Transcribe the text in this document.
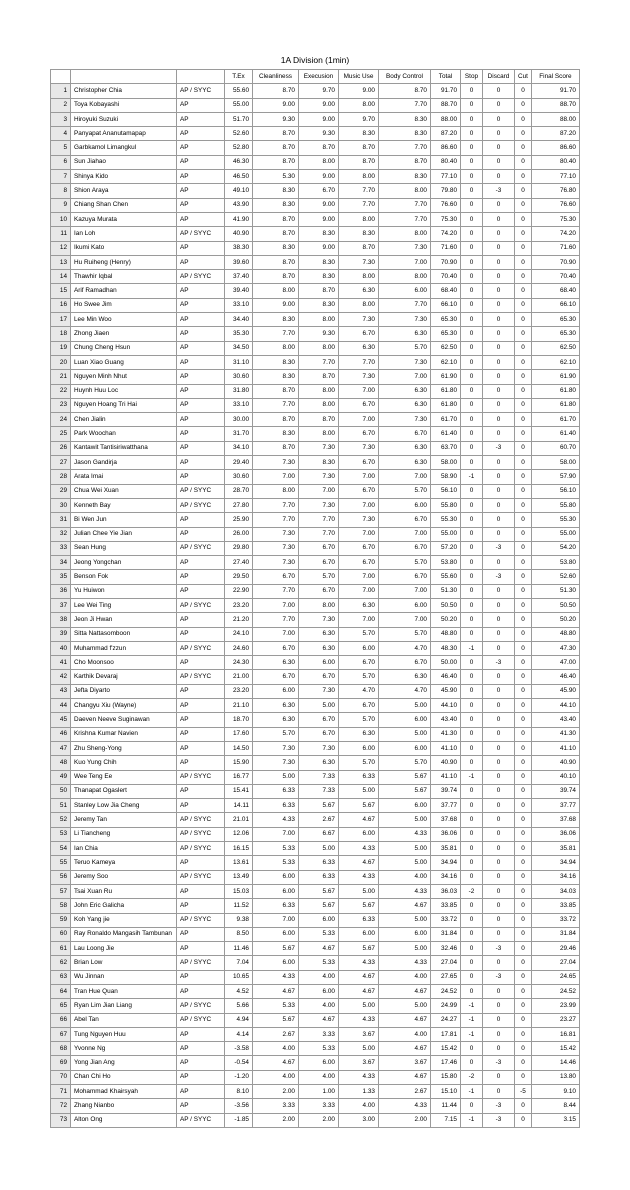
1A Division (1min)
			T.Ex	Cleanliness	Execusion	Music Use	Body Control	Total	Stop	Discard	Cut	Final Score
1	Christopher Chia	AP / SYYC	55.60	8.70	9.70	9.00	8.70	91.70	0	0	0	91.70
2	Toya Kobayashi	AP	55.00	9.00	9.00	8.00	7.70	88.70	0	0	0	88.70
3	Hiroyuki Suzuki	AP	51.70	9.30	9.00	9.70	8.30	88.00	0	0	0	88.00
4	Panyapat Ananutamapap	AP	52.60	8.70	9.30	8.30	8.30	87.20	0	0	0	87.20
5	Garbkamol Limangkul	AP	52.80	8.70	8.70	8.70	7.70	86.60	0	0	0	86.60
6	Sun Jiahao	AP	46.30	8.70	8.00	8.70	8.70	80.40	0	0	0	80.40
7	Shinya Kido	AP	46.50	5.30	9.00	8.00	8.30	77.10	0	0	0	77.10
8	Shion Araya	AP	49.10	8.30	6.70	7.70	8.00	79.80	0	-3	0	76.80
9	Chiang Shan Chen	AP	43.90	8.30	9.00	7.70	7.70	76.60	0	0	0	76.60
10	Kazuya Murata	AP	41.90	8.70	9.00	8.00	7.70	75.30	0	0	0	75.30
11	Ian Loh	AP / SYYC	40.90	8.70	8.30	8.30	8.00	74.20	0	0	0	74.20
12	Ikumi Kato	AP	38.30	8.30	9.00	8.70	7.30	71.60	0	0	0	71.60
13	Hu Ruiheng (Henry)	AP	39.60	8.70	8.30	7.30	7.00	70.90	0	0	0	70.90
14	Thawhir Iqbal	AP / SYYC	37.40	8.70	8.30	8.00	8.00	70.40	0	0	0	70.40
15	Arif Ramadhan	AP	39.40	8.00	8.70	6.30	6.00	68.40	0	0	0	68.40
16	Ho Swee Jim	AP	33.10	9.00	8.30	8.00	7.70	66.10	0	0	0	66.10
17	Lee Min Woo	AP	34.40	8.30	8.00	7.30	7.30	65.30	0	0	0	65.30
18	Zhong Jiaen	AP	35.30	7.70	9.30	6.70	6.30	65.30	0	0	0	65.30
19	Chung Cheng Hsun	AP	34.50	8.00	8.00	6.30	5.70	62.50	0	0	0	62.50
20	Luan Xiao Guang	AP	31.10	8.30	7.70	7.70	7.30	62.10	0	0	0	62.10
21	Nguyen Minh Nhut	AP	30.60	8.30	8.70	7.30	7.00	61.90	0	0	0	61.90
22	Huynh Huu Loc	AP	31.80	8.70	8.00	7.00	6.30	61.80	0	0	0	61.80
23	Nguyen Hoang Tri Hai	AP	33.10	7.70	8.00	6.70	6.30	61.80	0	0	0	61.80
24	Chen Jialin	AP	30.00	8.70	8.70	7.00	7.30	61.70	0	0	0	61.70
25	Park Woochan	AP	31.70	8.30	8.00	6.70	6.70	61.40	0	0	0	61.40
26	Kantawit Tantisiriwatthana	AP	34.10	8.70	7.30	7.30	6.30	63.70	0	-3	0	60.70
27	Jason Gandirja	AP	29.40	7.30	8.30	6.70	6.30	58.00	0	0	0	58.00
28	Arata Imai	AP	30.60	7.00	7.30	7.00	7.00	58.90	-1	0	0	57.90
29	Chua Wei Xuan	AP / SYYC	28.70	8.00	7.00	6.70	5.70	56.10	0	0	0	56.10
30	Kenneth Bay	AP / SYYC	27.80	7.70	7.30	7.00	6.00	55.80	0	0	0	55.80
31	Bi Wen Jun	AP	25.90	7.70	7.70	7.30	6.70	55.30	0	0	0	55.30
32	Julian Chee Yie Jian	AP	26.00	7.30	7.70	7.00	7.00	55.00	0	0	0	55.00
33	Sean Hung	AP / SYYC	29.80	7.30	6.70	6.70	6.70	57.20	0	-3	0	54.20
34	Jeong Yongchan	AP	27.40	7.30	6.70	6.70	5.70	53.80	0	0	0	53.80
35	Benson Fok	AP	29.50	6.70	5.70	7.00	6.70	55.60	0	-3	0	52.60
36	Yu Huiwon	AP	22.90	7.70	6.70	7.00	7.00	51.30	0	0	0	51.30
37	Lee Wei Ting	AP / SYYC	23.20	7.00	8.00	6.30	6.00	50.50	0	0	0	50.50
38	Jeon Ji Hwan	AP	21.20	7.70	7.30	7.00	7.00	50.20	0	0	0	50.20
39	Sitta Nattasomboon	AP	24.10	7.00	6.30	5.70	5.70	48.80	0	0	0	48.80
40	Muhammad f'zzun	AP / SYYC	24.60	6.70	6.30	6.00	4.70	48.30	-1	0	0	47.30
41	Cho Moonsoo	AP	24.30	6.30	6.00	6.70	6.70	50.00	0	-3	0	47.00
42	Karthik Devaraj	AP / SYYC	21.00	6.70	6.70	5.70	6.30	46.40	0	0	0	46.40
43	Jefta Diyarto	AP	23.20	6.00	7.30	4.70	4.70	45.90	0	0	0	45.90
44	Changyu Xiu (Wayne)	AP	21.10	6.30	5.00	6.70	5.00	44.10	0	0	0	44.10
45	Daeven Neeve Suginawan	AP	18.70	6.30	6.70	5.70	6.00	43.40	0	0	0	43.40
46	Krishna Kumar Navien	AP	17.60	5.70	6.70	6.30	5.00	41.30	0	0	0	41.30
47	Zhu Sheng-Yong	AP	14.50	7.30	7.30	6.00	6.00	41.10	0	0	0	41.10
48	Kuo Yung Chih	AP	15.90	7.30	6.30	5.70	5.70	40.90	0	0	0	40.90
49	Wee Teng Ee	AP / SYYC	16.77	5.00	7.33	6.33	5.67	41.10	-1	0	0	40.10
50	Thanapat Ogaslert	AP	15.41	6.33	7.33	5.00	5.67	39.74	0	0	0	39.74
51	Stanley Low Jia Cheng	AP	14.11	6.33	5.67	5.67	6.00	37.77	0	0	0	37.77
52	Jeremy Tan	AP / SYYC	21.01	4.33	2.67	4.67	5.00	37.68	0	0	0	37.68
53	Li Tiancheng	AP / SYYC	12.06	7.00	6.67	6.00	4.33	36.06	0	0	0	36.06
54	Ian Chia	AP / SYYC	16.15	5.33	5.00	4.33	5.00	35.81	0	0	0	35.81
55	Teruo Kameya	AP	13.61	5.33	6.33	4.67	5.00	34.94	0	0	0	34.94
56	Jeremy Soo	AP / SYYC	13.49	6.00	6.33	4.33	4.00	34.16	0	0	0	34.16
57	Tsai Xuan Ru	AP	15.03	6.00	5.67	5.00	4.33	36.03	-2	0	0	34.03
58	John Eric Galicha	AP	11.52	6.33	5.67	5.67	4.67	33.85	0	0	0	33.85
59	Koh Yang jie	AP / SYYC	9.38	7.00	6.00	6.33	5.00	33.72	0	0	0	33.72
60	Ray Ronaldo Mangasih Tambunan	AP	8.50	6.00	5.33	6.00	6.00	31.84	0	0	0	31.84
61	Lau Loong Jie	AP	11.46	5.67	4.67	5.67	5.00	32.46	0	-3	0	29.46
62	Brian Low	AP / SYYC	7.04	6.00	5.33	4.33	4.33	27.04	0	0	0	27.04
63	Wu Jinnan	AP	10.65	4.33	4.00	4.67	4.00	27.65	0	-3	0	24.65
64	Tran Hue Quan	AP	4.52	4.67	6.00	4.67	4.67	24.52	0	0	0	24.52
65	Ryan Lim Jian Liang	AP / SYYC	5.66	5.33	4.00	5.00	5.00	24.99	-1	0	0	23.99
66	Abel Tan	AP / SYYC	4.94	5.67	4.67	4.33	4.67	24.27	-1	0	0	23.27
67	Tung Nguyen Huu	AP	4.14	2.67	3.33	3.67	4.00	17.81	-1	0	0	16.81
68	Yvonne Ng	AP	-3.58	4.00	5.33	5.00	4.67	15.42	0	0	0	15.42
69	Yong Jian Ang	AP	-0.54	4.67	6.00	3.67	3.67	17.46	0	-3	0	14.46
70	Chan Chi Ho	AP	-1.20	4.00	4.00	4.33	4.67	15.80	-2	0	0	13.80
71	Mohammad Khairsyah	AP	8.10	2.00	1.00	1.33	2.67	15.10	-1	0	-5	9.10
72	Zhang Nianbo	AP	-3.56	3.33	3.33	4.00	4.33	11.44	0	-3	0	8.44
73	Alton Ong	AP / SYYC	-1.85	2.00	2.00	3.00	2.00	7.15	-1	-3	0	3.15
